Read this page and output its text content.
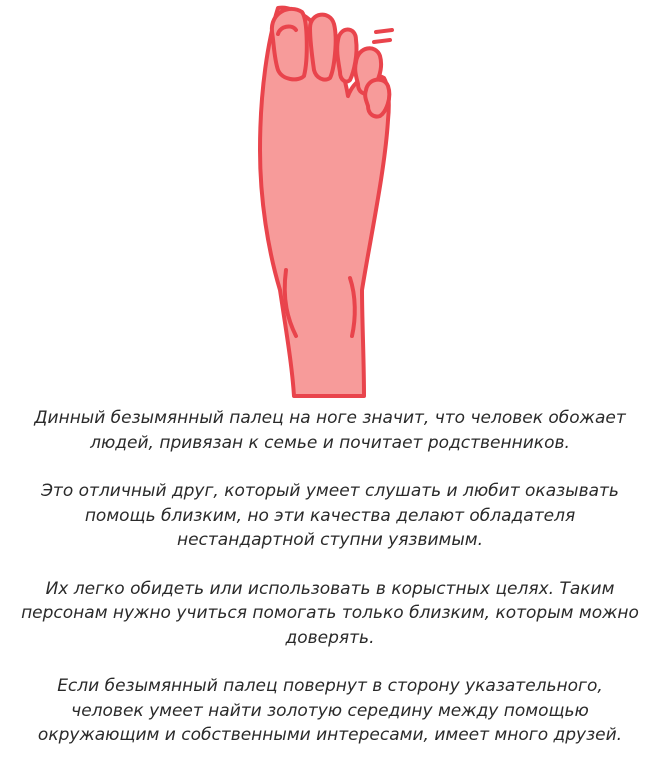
Динный безымянный палец на ноге значит, что человек обожает людей, привязан к семье и почитает родственников.

Это отличный друг, который умеет слушать и любит оказывать помощь близким, но эти качества делают обладателя нестандартной ступни уязвимым.

Их легко обидеть или использовать в корыстных целях. Таким персонам нужно учиться помогать только близким, которым можно доверять.

Если безымянный палец повернут в сторону указательного, человек умеет найти золотую середину между помощью окружающим и собственными интересами, имеет много друзей.
